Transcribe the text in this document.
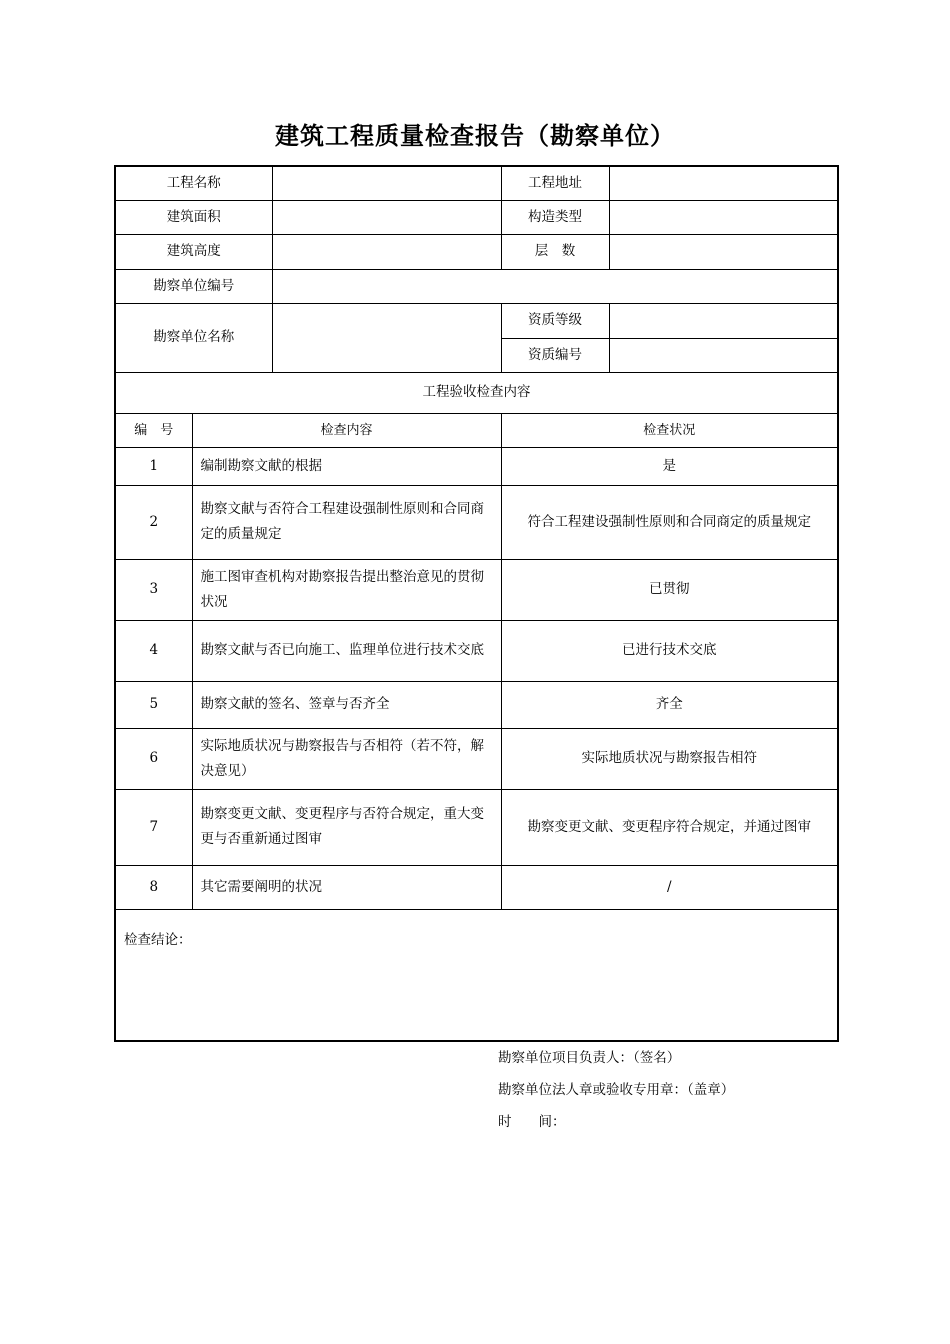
建筑工程质量检查报告（勘察单位）
工程名称			工程地址	
建筑面积			构造类型	
建筑高度			层　数	
勘察单位编号				
勘察单位名称			资质等级	
			资质编号	
工程验收检查内容				
编　号	检查内容		检查状况	
1	编制勘察文献的根据		是	
2	勘察文献与否符合工程建设强制性原则和合同商定的质量规定		符合工程建设强制性原则和合同商定的质量规定	
3	施工图审查机构对勘察报告提出整治意见的贯彻状况		已贯彻	
4	勘察文献与否已向施工、监理单位进行技术交底		已进行技术交底	
5	勘察文献的签名、签章与否齐全		齐全	
6	实际地质状况与勘察报告与否相符（若不符，解决意见）		实际地质状况与勘察报告相符	
7	勘察变更文献、变更程序与否符合规定，重大变更与否重新通过图审		勘察变更文献、变更程序符合规定，并通过图审	
8	其它需要阐明的状况		/	
检查结论：				
勘察单位项目负责人：（签名）
勘察单位法人章或验收专用章：（盖章）
时　　间：
